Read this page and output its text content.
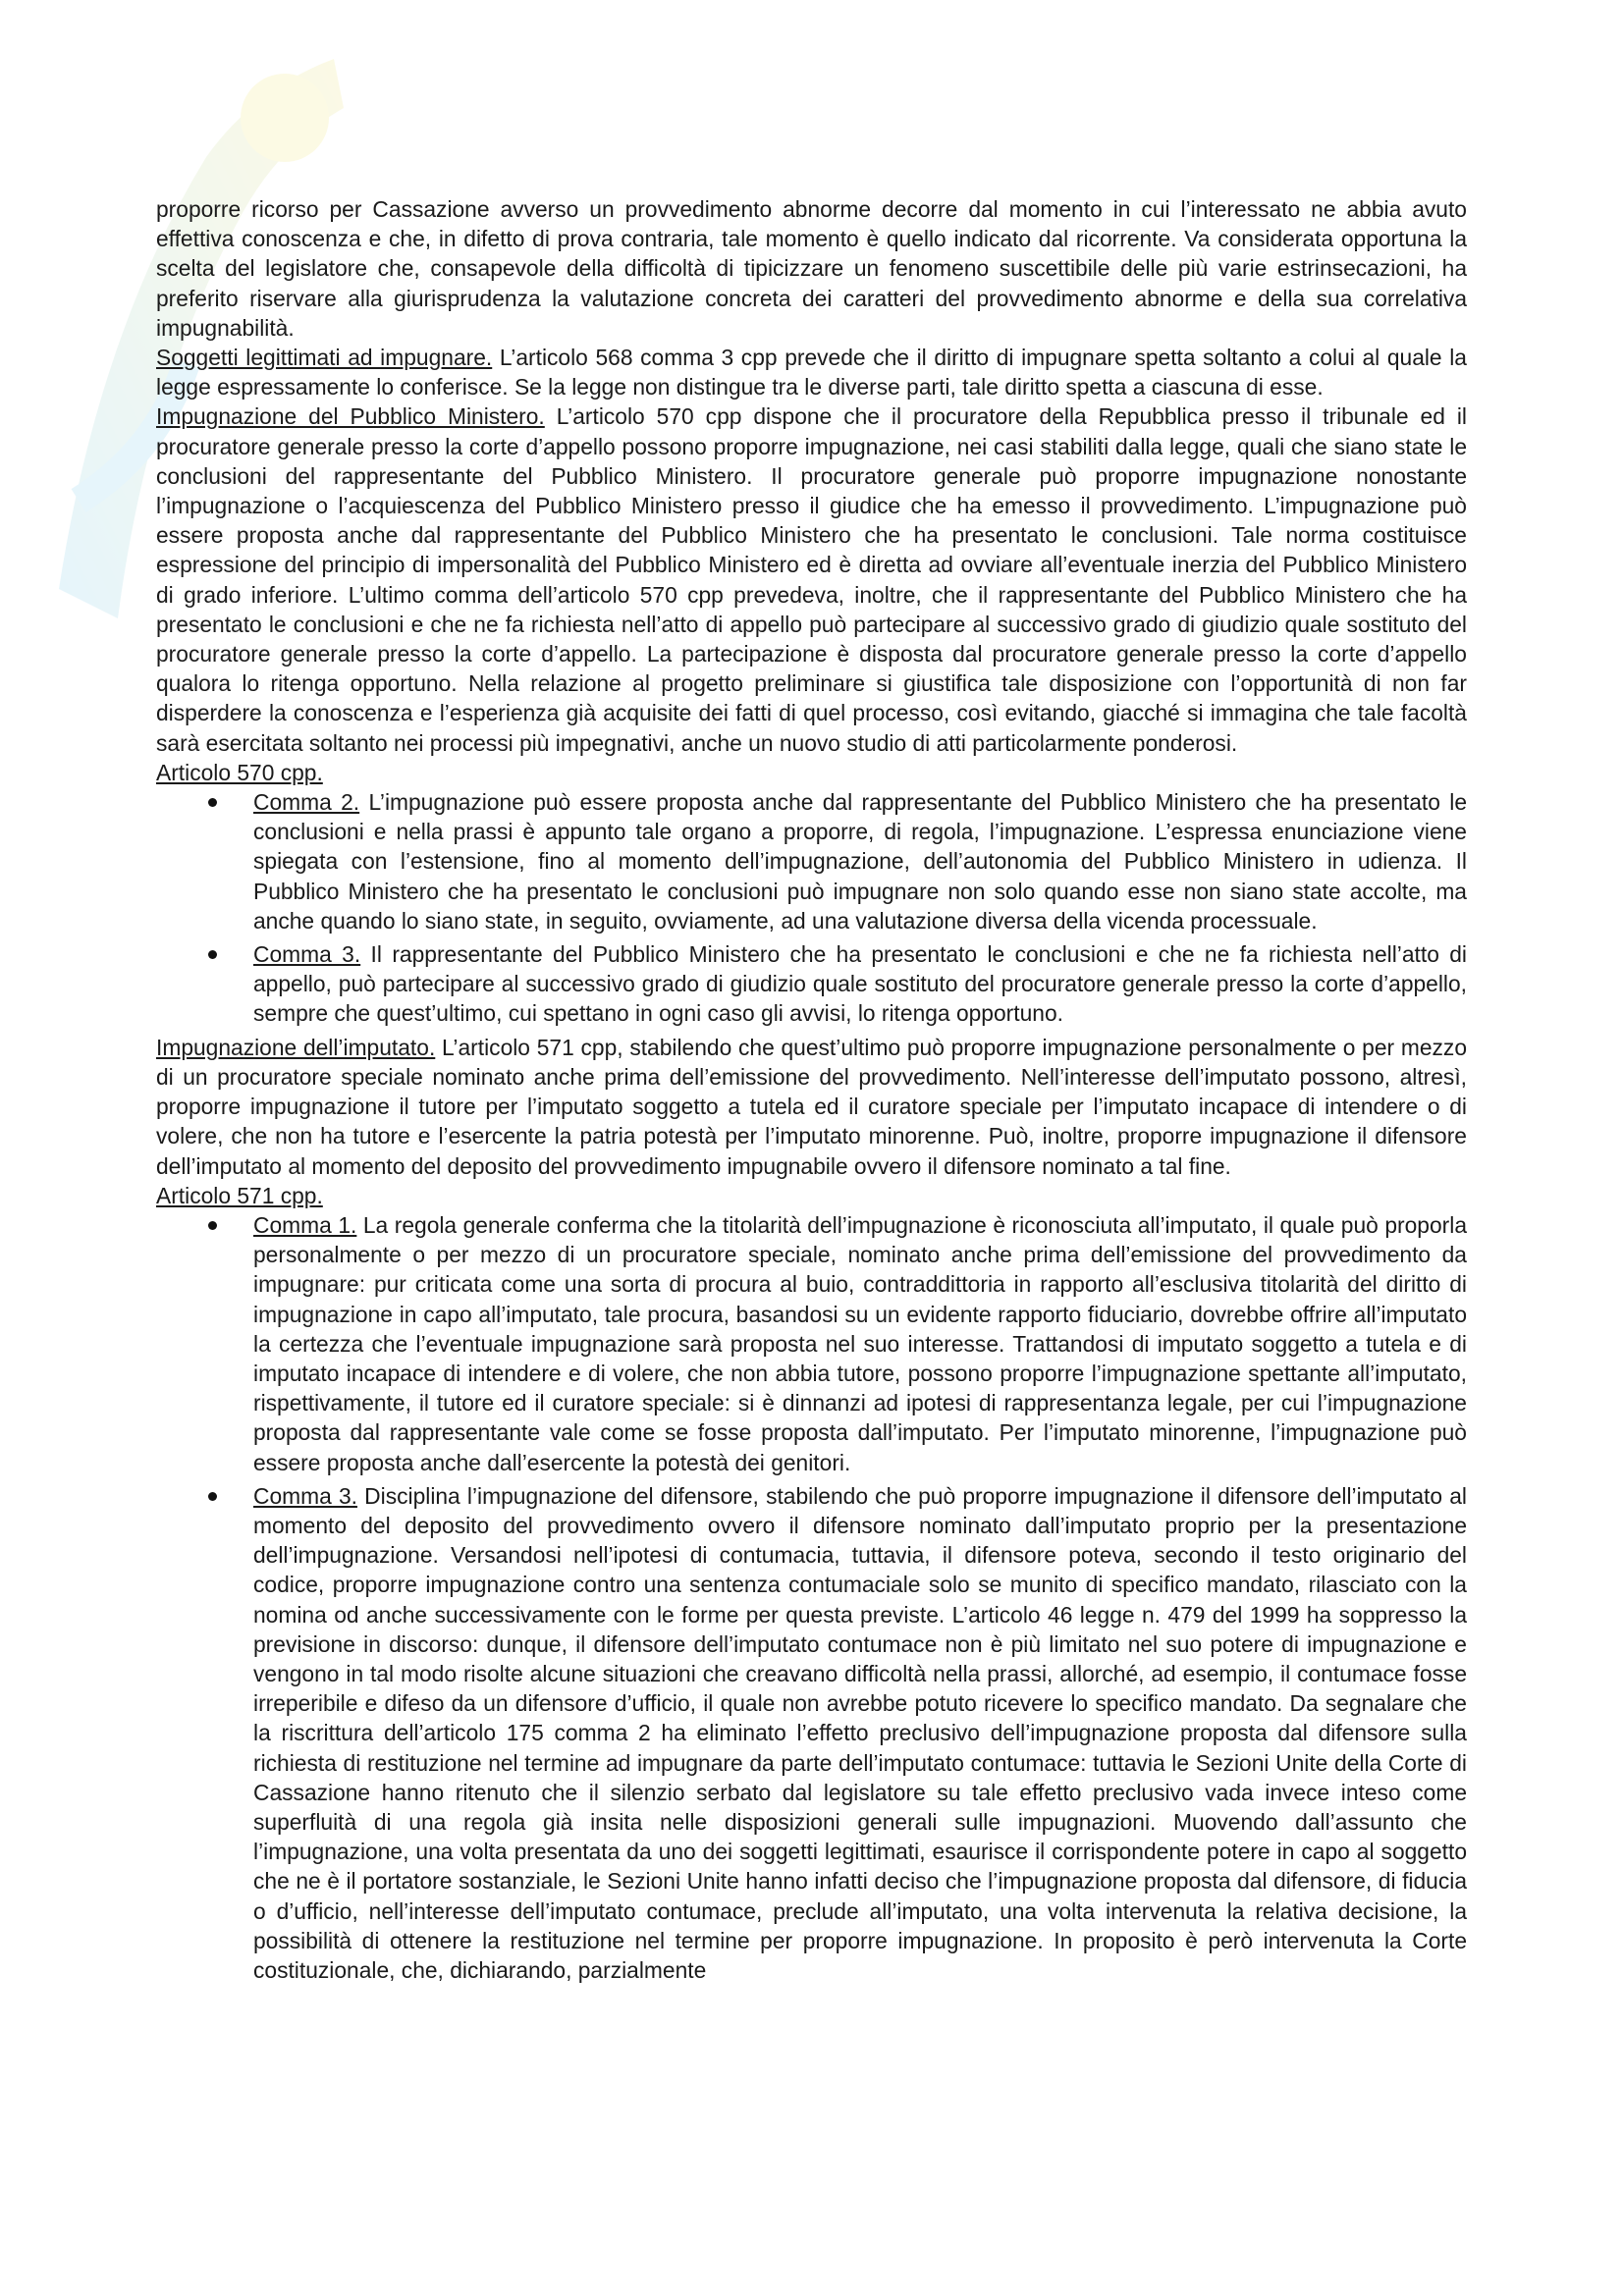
proporre ricorso per Cassazione avverso un provvedimento abnorme decorre dal momento in cui l’interessato ne abbia avuto effettiva conoscenza e che, in difetto di prova contraria, tale momento è quello indicato dal ricorrente. Va considerata opportuna la scelta del legislatore che, consapevole della difficoltà di tipicizzare un fenomeno suscettibile delle più varie estrinsecazioni, ha preferito riservare alla giurisprudenza la valutazione concreta dei caratteri del provvedimento abnorme e della sua correlativa impugnabilità.

Soggetti legittimati ad impugnare. L’articolo 568 comma 3 cpp prevede che il diritto di impugnare spetta soltanto a colui al quale la legge espressamente lo conferisce. Se la legge non distingue tra le diverse parti, tale diritto spetta a ciascuna di esse.

Impugnazione del Pubblico Ministero. L’articolo 570 cpp dispone che il procuratore della Repubblica presso il tribunale ed il procuratore generale presso la corte d’appello possono proporre impugnazione, nei casi stabiliti dalla legge, quali che siano state le conclusioni del rappresentante del Pubblico Ministero. Il procuratore generale può proporre impugnazione nonostante l’impugnazione o l’acquiescenza del Pubblico Ministero presso il giudice che ha emesso il provvedimento. L’impugnazione può essere proposta anche dal rappresentante del Pubblico Ministero che ha presentato le conclusioni. Tale norma costituisce espressione del principio di impersonalità del Pubblico Ministero ed è diretta ad ovviare all’eventuale inerzia del Pubblico Ministero di grado inferiore. L’ultimo comma dell’articolo 570 cpp prevedeva, inoltre, che il rappresentante del Pubblico Ministero che ha presentato le conclusioni e che ne fa richiesta nell’atto di appello può partecipare al successivo grado di giudizio quale sostituto del procuratore generale presso la corte d’appello. La partecipazione è disposta dal procuratore generale presso la corte d’appello qualora lo ritenga opportuno. Nella relazione al progetto preliminare si giustifica tale disposizione con l’opportunità di non far disperdere la conoscenza e l’esperienza già acquisite dei fatti di quel processo, così evitando, giacché si immagina che tale facoltà sarà esercitata soltanto nei processi più impegnativi, anche un nuovo studio di atti particolarmente ponderosi.

Articolo 570 cpp.

Comma 2. L’impugnazione può essere proposta anche dal rappresentante del Pubblico Ministero che ha presentato le conclusioni e nella prassi è appunto tale organo a proporre, di regola, l’impugnazione. L’espressa enunciazione viene spiegata con l’estensione, fino al momento dell’impugnazione, dell’autonomia del Pubblico Ministero in udienza. Il Pubblico Ministero che ha presentato le conclusioni può impugnare non solo quando esse non siano state accolte, ma anche quando lo siano state, in seguito, ovviamente, ad una valutazione diversa della vicenda processuale.
Comma 3. Il rappresentante del Pubblico Ministero che ha presentato le conclusioni e che ne fa richiesta nell’atto di appello, può partecipare al successivo grado di giudizio quale sostituto del procuratore generale presso la corte d’appello, sempre che quest’ultimo, cui spettano in ogni caso gli avvisi, lo ritenga opportuno.

Impugnazione dell’imputato. L’articolo 571 cpp, stabilendo che quest’ultimo può proporre impugnazione personalmente o per mezzo di un procuratore speciale nominato anche prima dell’emissione del provvedimento. Nell’interesse dell’imputato possono, altresì, proporre impugnazione il tutore per l’imputato soggetto a tutela ed il curatore speciale per l’imputato incapace di intendere o di volere, che non ha tutore e l’esercente la patria potestà per l’imputato minorenne. Può, inoltre, proporre impugnazione il difensore dell’imputato al momento del deposito del provvedimento impugnabile ovvero il difensore nominato a tal fine.

Articolo 571 cpp.

Comma 1. La regola generale conferma che la titolarità dell’impugnazione è riconosciuta all’imputato, il quale può proporla personalmente o per mezzo di un procuratore speciale, nominato anche prima dell’emissione del provvedimento da impugnare: pur criticata come una sorta di procura al buio, contraddittoria in rapporto all’esclusiva titolarità del diritto di impugnazione in capo all’imputato, tale procura, basandosi su un evidente rapporto fiduciario, dovrebbe offrire all’imputato la certezza che l’eventuale impugnazione sarà proposta nel suo interesse. Trattandosi di imputato soggetto a tutela e di imputato incapace di intendere e di volere, che non abbia tutore, possono proporre l’impugnazione spettante all’imputato, rispettivamente, il tutore ed il curatore speciale: si è dinnanzi ad ipotesi di rappresentanza legale, per cui l’impugnazione proposta dal rappresentante vale come se fosse proposta dall’imputato. Per l’imputato minorenne, l’impugnazione può essere proposta anche dall’esercente la potestà dei genitori.
Comma 3. Disciplina l’impugnazione del difensore, stabilendo che può proporre impugnazione il difensore dell’imputato al momento del deposito del provvedimento ovvero il difensore nominato dall’imputato proprio per la presentazione dell’impugnazione. Versandosi nell’ipotesi di contumacia, tuttavia, il difensore poteva, secondo il testo originario del codice, proporre impugnazione contro una sentenza contumaciale solo se munito di specifico mandato, rilasciato con la nomina od anche successivamente con le forme per questa previste. L’articolo 46 legge n. 479 del 1999 ha soppresso la previsione in discorso: dunque, il difensore dell’imputato contumace non è più limitato nel suo potere di impugnazione e vengono in tal modo risolte alcune situazioni che creavano difficoltà nella prassi, allorché, ad esempio, il contumace fosse irreperibile e difeso da un difensore d’ufficio, il quale non avrebbe potuto ricevere lo specifico mandato. Da segnalare che la riscrittura dell’articolo 175 comma 2 ha eliminato l’effetto preclusivo dell’impugnazione proposta dal difensore sulla richiesta di restituzione nel termine ad impugnare da parte dell’imputato contumace: tuttavia le Sezioni Unite della Corte di Cassazione hanno ritenuto che il silenzio serbato dal legislatore su tale effetto preclusivo vada invece inteso come superfluità di una regola già insita nelle disposizioni generali sulle impugnazioni. Muovendo dall’assunto che l’impugnazione, una volta presentata da uno dei soggetti legittimati, esaurisce il corrispondente potere in capo al soggetto che ne è il portatore sostanziale, le Sezioni Unite hanno infatti deciso che l’impugnazione proposta dal difensore, di fiducia o d’ufficio, nell’interesse dell’imputato contumace, preclude all’imputato, una volta intervenuta la relativa decisione, la possibilità di ottenere la restituzione nel termine per proporre impugnazione. In proposito è però intervenuta la Corte costituzionale, che, dichiarando, parzialmente
